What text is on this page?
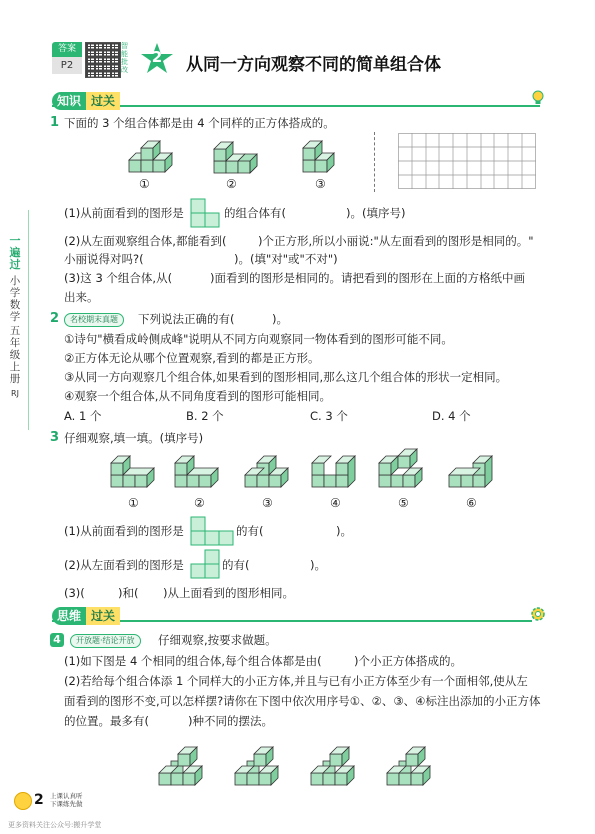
答案
P2
智能批改
2	从同一方向观察不同的简单组合体
一遍过
小学数学
五年级上册
RJ
知识 过关
1 下面的 3 个组合体都是由 4 个同样的正方体搭成的。
①	②	③
(1)从前面看到的图形是	的组合体有(	)。(填序号)
(2)从左面观察组合体,都能看到(	)个正方形,所以小丽说:"从左面看到的图形是相同的。"
小丽说得对吗?(	)。(填"对"或"不对")
(3)这 3 个组合体,从(	)面看到的图形是相同的。请把看到的图形在上面的方格纸中画
出来。
2	名校期末真题	下列说法正确的有(	)。
①诗句"横看成岭侧成峰"说明从不同方向观察同一物体看到的图形可能不同。
②正方体无论从哪个位置观察,看到的都是正方形。
③从同一方向观察几个组合体,如果看到的图形相同,那么这几个组合体的形状一定相同。
④观察一个组合体,从不同角度看到的图形可能相同。
A. 1 个	B. 2 个	C. 3 个	D. 4 个
3 仔细观察,填一填。(填序号)
①	②	③	④	⑤	⑥
(1)从前面看到的图形是	的有(	)。
(2)从左面看到的图形是	的有(	)。
(3)(	)和( )从上面看到的图形相同。
思维 过关
4	开放题·结论开放	仔细观察,按要求做题。
(1)如下图是 4 个相同的组合体,每个组合体都是由(	)个小正方体搭成的。
(2)若给每个组合体添 1 个同样大的小正方体,并且与已有小正方体至少有一个面相邻,使从左
面看到的图形不变,可以怎样摆?请你在下图中依次用序号①、②、③、④标注出添加的小正方体
的位置。最多有(	)种不同的摆法。
2 上课认真听
下课练先做
更多资料关注公众号:搬升学堂
